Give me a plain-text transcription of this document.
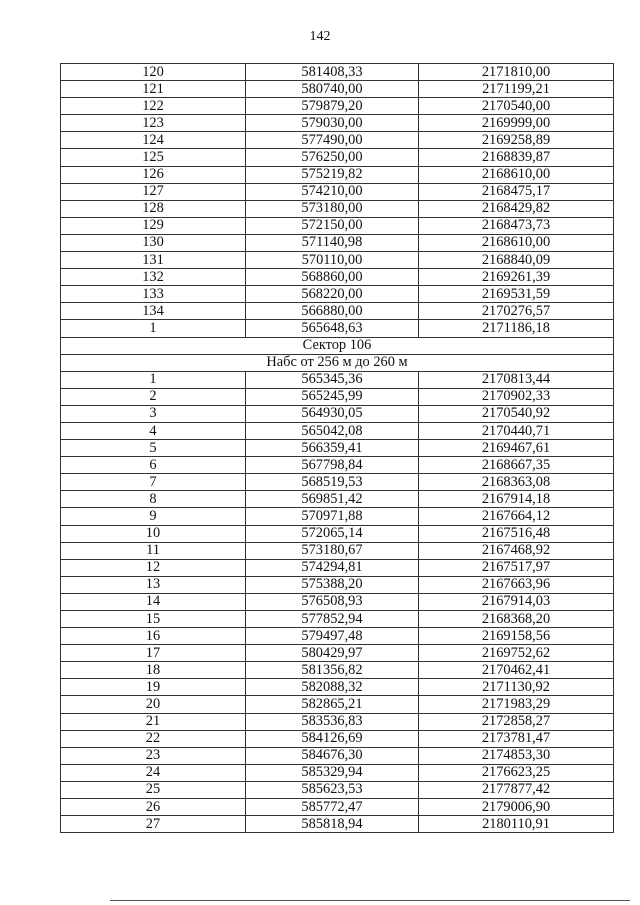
142
120	581408,33	2171810,00
121	580740,00	2171199,21
122	579879,20	2170540,00
123	579030,00	2169999,00
124	577490,00	2169258,89
125	576250,00	2168839,87
126	575219,82	2168610,00
127	574210,00	2168475,17
128	573180,00	2168429,82
129	572150,00	2168473,73
130	571140,98	2168610,00
131	570110,00	2168840,09
132	568860,00	2169261,39
133	568220,00	2169531,59
134	566880,00	2170276,57
1	565648,63	2171186,18
Сектор 106		
Набс от 256 м до 260 м		
1	565345,36	2170813,44
2	565245,99	2170902,33
3	564930,05	2170540,92
4	565042,08	2170440,71
5	566359,41	2169467,61
6	567798,84	2168667,35
7	568519,53	2168363,08
8	569851,42	2167914,18
9	570971,88	2167664,12
10	572065,14	2167516,48
11	573180,67	2167468,92
12	574294,81	2167517,97
13	575388,20	2167663,96
14	576508,93	2167914,03
15	577852,94	2168368,20
16	579497,48	2169158,56
17	580429,97	2169752,62
18	581356,82	2170462,41
19	582088,32	2171130,92
20	582865,21	2171983,29
21	583536,83	2172858,27
22	584126,69	2173781,47
23	584676,30	2174853,30
24	585329,94	2176623,25
25	585623,53	2177877,42
26	585772,47	2179006,90
27	585818,94	2180110,91
